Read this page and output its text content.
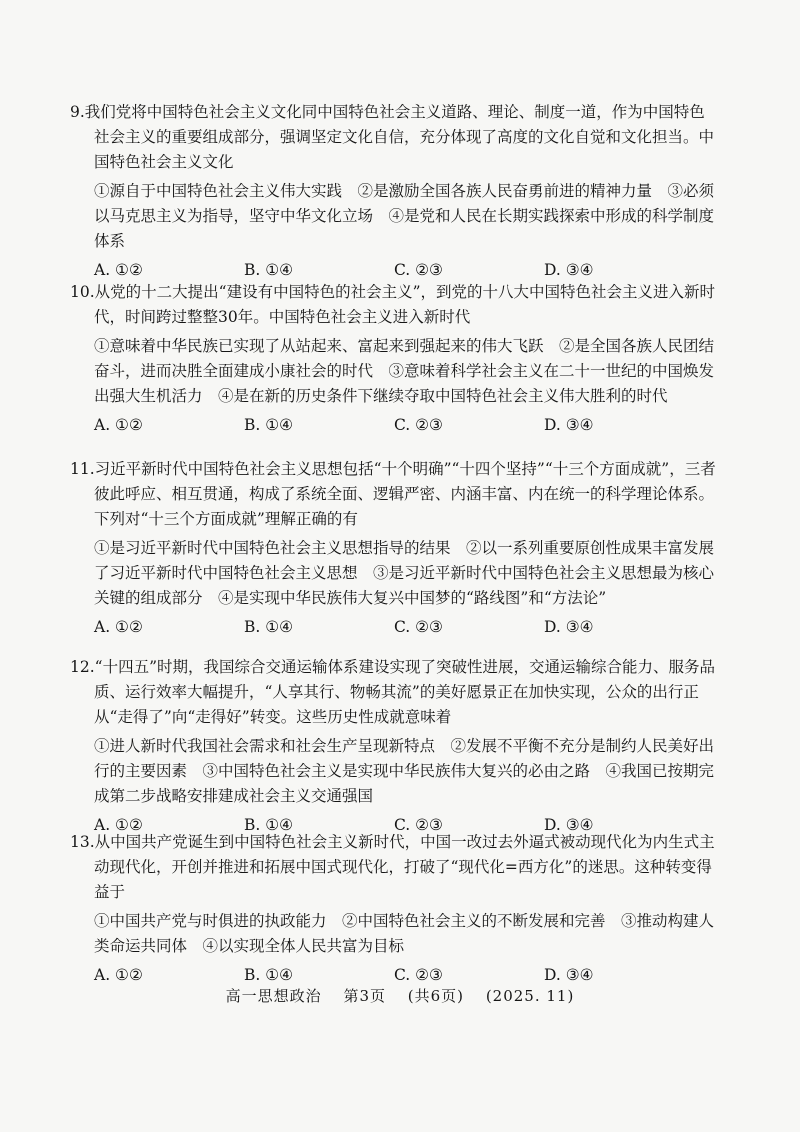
9.我们党将中国特色社会主义文化同中国特色社会主义道路、理论、制度一道，作为中国特色社会主义的重要组成部分，强调坚定文化自信，充分体现了高度的文化自觉和文化担当。中国特色社会主义文化

①源自于中国特色社会主义伟大实践　②是激励全国各族人民奋勇前进的精神力量　③必须以马克思主义为指导，坚守中华文化立场　④是党和人民在长期实践探索中形成的科学制度体系

A. ①②	B. ①④	C. ②③	D. ③④

10.从党的十二大提出“建设有中国特色的社会主义”，到党的十八大中国特色社会主义进入新时代，时间跨过整整30年。中国特色社会主义进入新时代

①意味着中华民族已实现了从站起来、富起来到强起来的伟大飞跃　②是全国各族人民团结奋斗，进而决胜全面建成小康社会的时代　③意味着科学社会主义在二十一世纪的中国焕发出强大生机活力　④是在新的历史条件下继续夺取中国特色社会主义伟大胜利的时代

A. ①②	B. ①④	C. ②③	D. ③④

11.习近平新时代中国特色社会主义思想包括“十个明确”“十四个坚持”“十三个方面成就”，三者彼此呼应、相互贯通，构成了系统全面、逻辑严密、内涵丰富、内在统一的科学理论体系。下列对“十三个方面成就”理解正确的有

①是习近平新时代中国特色社会主义思想指导的结果　②以一系列重要原创性成果丰富发展了习近平新时代中国特色社会主义思想　③是习近平新时代中国特色社会主义思想最为核心关键的组成部分　④是实现中华民族伟大复兴中国梦的“路线图”和“方法论”

A. ①②	B. ①④	C. ②③	D. ③④

12.“十四五”时期，我国综合交通运输体系建设实现了突破性进展，交通运输综合能力、服务品质、运行效率大幅提升，“人享其行、物畅其流”的美好愿景正在加快实现，公众的出行正从“走得了”向“走得好”转变。这些历史性成就意味着

①进人新时代我国社会需求和社会生产呈现新特点　②发展不平衡不充分是制约人民美好出行的主要因素　③中国特色社会主义是实现中华民族伟大复兴的必由之路　④我国已按期完成第二步战略安排建成社会主义交通强国

A. ①②	B. ①④	C. ②③	D. ③④

13.从中国共产党诞生到中国特色社会主义新时代，中国一改过去外逼式被动现代化为内生式主动现代化，开创并推进和拓展中国式现代化，打破了“现代化=西方化”的迷思。这种转变得益于

①中国共产党与时俱进的执政能力　②中国特色社会主义的不断发展和完善　③推动构建人类命运共同体　④以实现全体人民共富为目标

A. ①②	B. ①④	C. ②③	D. ③④
高一思想政治 第3页 (共6页) (2025. 11)
